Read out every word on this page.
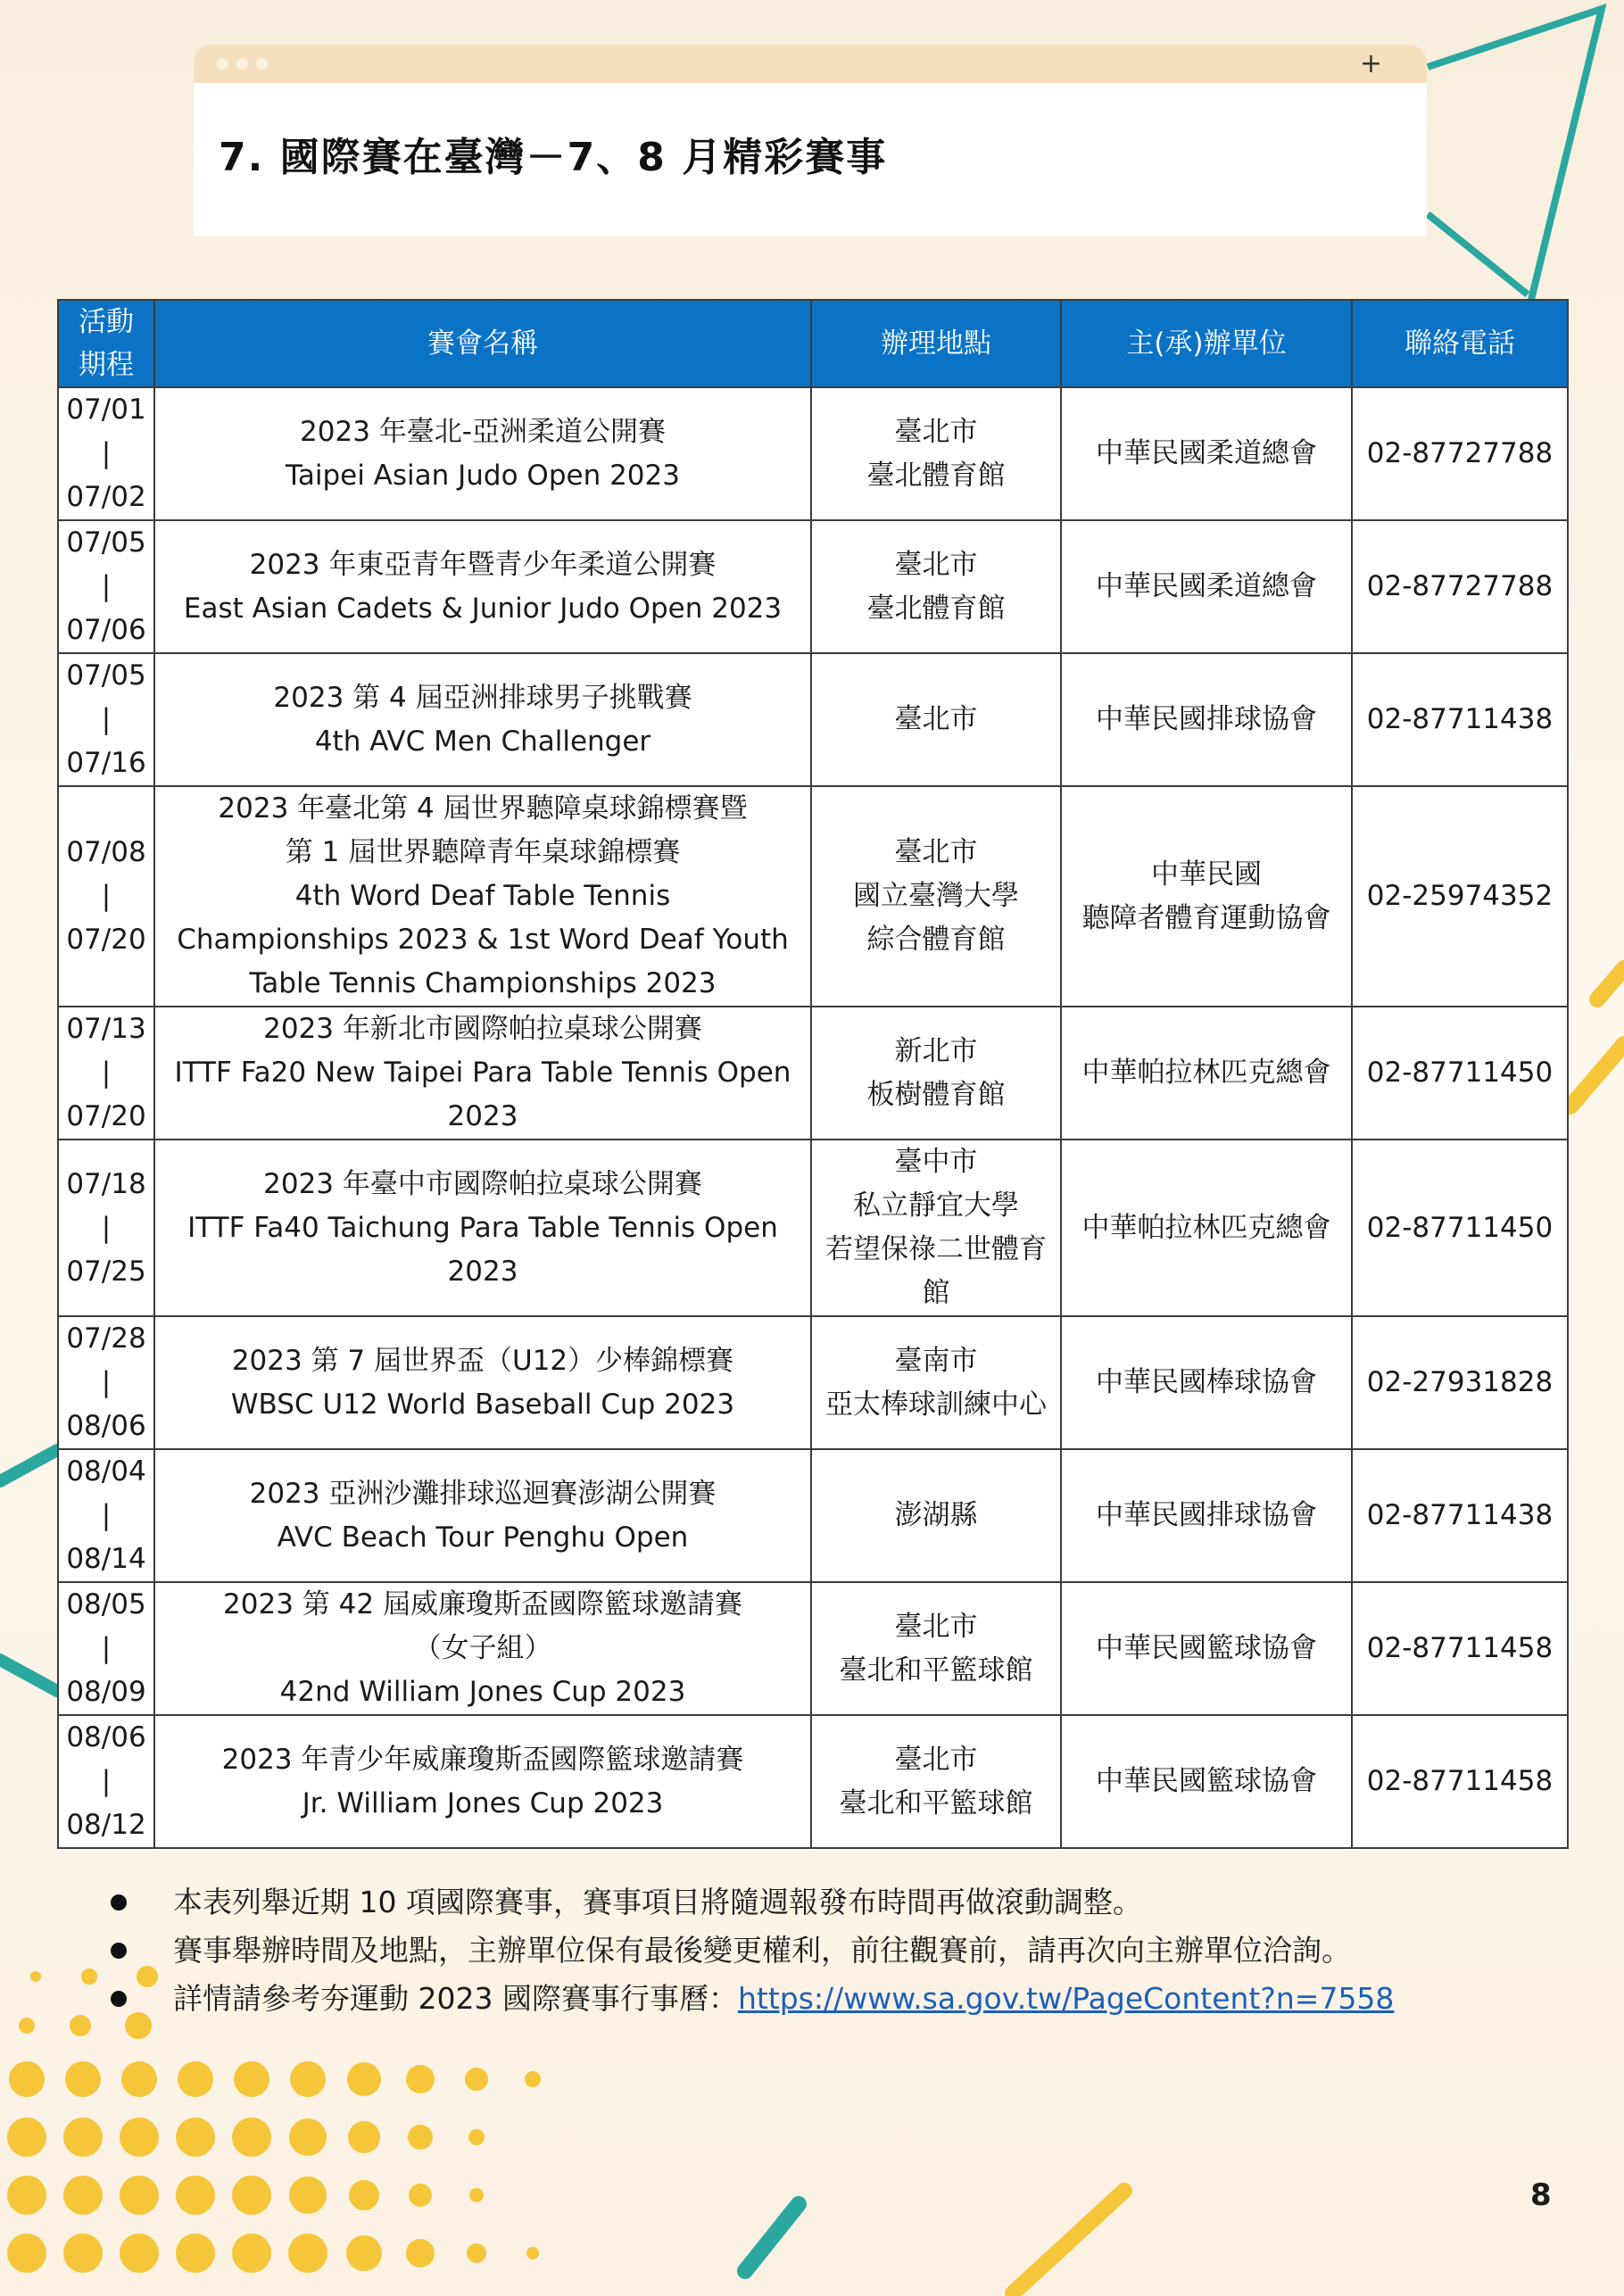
+
7. 國際賽在臺灣－7、8 月精彩賽事
活動
期程	賽會名稱	辦理地點	主(承)辦單位	聯絡電話

07/01
|
07/02	2023 年臺北-亞洲柔道公開賽
Taipei Asian Judo Open 2023	臺北市
臺北體育館	中華民國柔道總會	02-87727788

07/05
|
07/06	2023 年東亞青年暨青少年柔道公開賽
East Asian Cadets & Junior Judo Open 2023	臺北市
臺北體育館	中華民國柔道總會	02-87727788

07/05
|
07/16	2023 第 4 屆亞洲排球男子挑戰賽
4th AVC Men Challenger	臺北市	中華民國排球協會	02-87711438

07/08
|
07/20	2023 年臺北第 4 屆世界聽障桌球錦標賽暨
第 1 屆世界聽障青年桌球錦標賽
4th Word Deaf Table Tennis
Championships 2023 & 1st Word Deaf Youth
Table Tennis Championships 2023	臺北市
國立臺灣大學
綜合體育館	中華民國
聽障者體育運動協會	02-25974352

07/13
|
07/20	2023 年新北市國際帕拉桌球公開賽
ITTF Fa20 New Taipei Para Table Tennis Open
2023	新北市
板樹體育館	中華帕拉林匹克總會	02-87711450

07/18
|
07/25	2023 年臺中市國際帕拉桌球公開賽
ITTF Fa40 Taichung Para Table Tennis Open
2023	臺中市
私立靜宜大學
若望保祿二世體育
館	中華帕拉林匹克總會	02-87711450

07/28
|
08/06	2023 第 7 屆世界盃（U12）少棒錦標賽
WBSC U12 World Baseball Cup 2023	臺南市
亞太棒球訓練中心	中華民國棒球協會	02-27931828

08/04
|
08/14	2023 亞洲沙灘排球巡迴賽澎湖公開賽
AVC Beach Tour Penghu Open	澎湖縣	中華民國排球協會	02-87711438

08/05
|
08/09	2023 第 42 屆威廉瓊斯盃國際籃球邀請賽
（女子組）
42nd William Jones Cup 2023	臺北市
臺北和平籃球館	中華民國籃球協會	02-87711458

08/06
|
08/12	2023 年青少年威廉瓊斯盃國際籃球邀請賽
Jr. William Jones Cup 2023	臺北市
臺北和平籃球館	中華民國籃球協會	02-87711458
本表列舉近期 10 項國際賽事，賽事項目將隨週報發布時間再做滾動調整。
賽事舉辦時間及地點，主辦單位保有最後變更權利，前往觀賽前，請再次向主辦單位洽詢。
詳情請參考夯運動 2023 國際賽事行事曆： https://www.sa.gov.tw/PageContent?n=7558
8
